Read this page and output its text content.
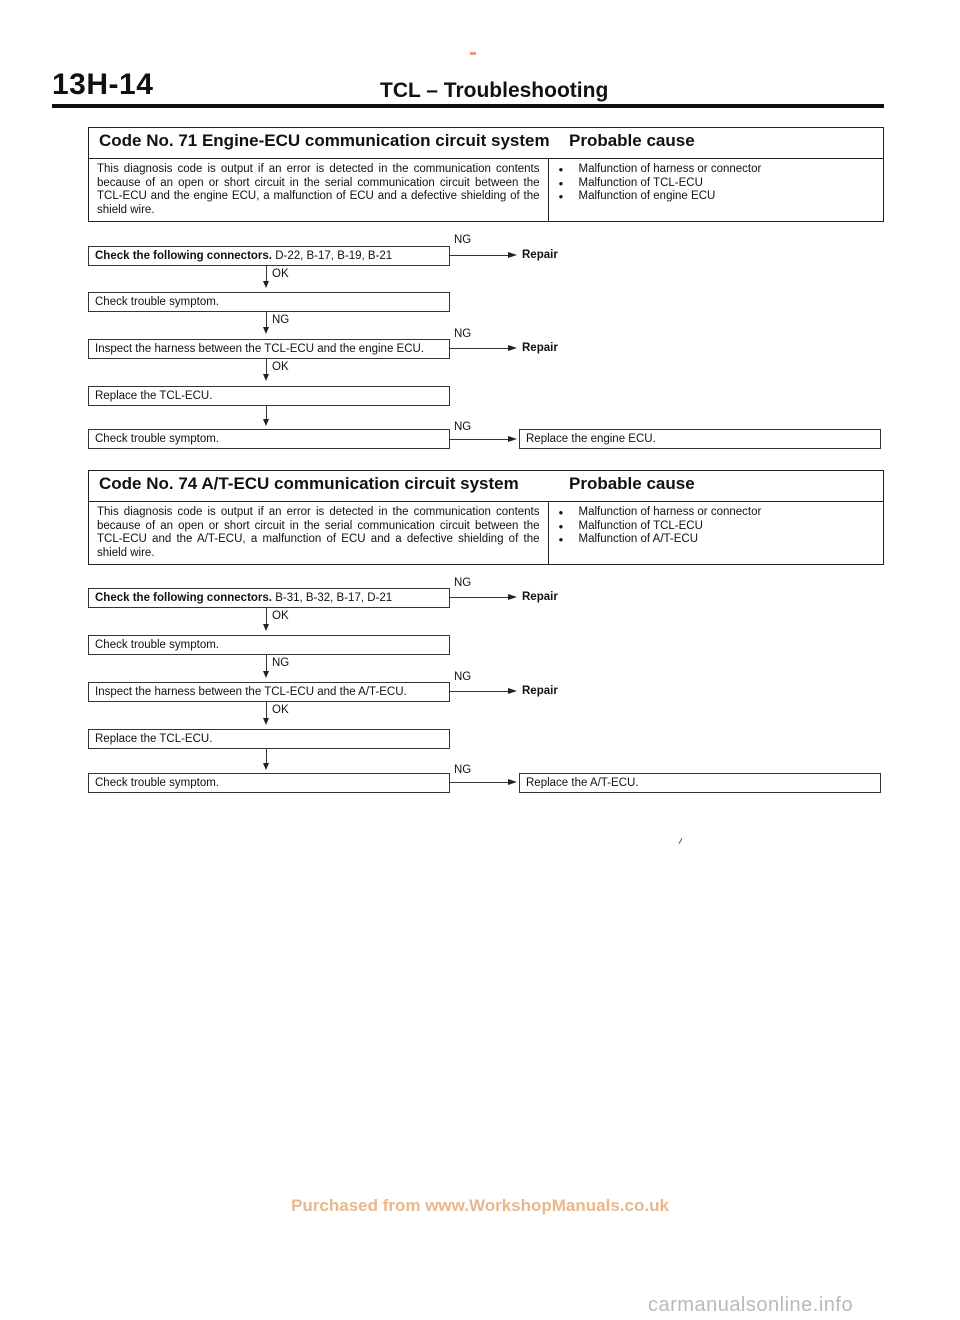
13H-14	TCL – Troubleshooting
Code No. 71 Engine-ECU communication circuit system	Probable cause
This diagnosis code is output if an error is detected in the communication contents because of an open or short circuit in the serial communication circuit between the TCL-ECU and the engine ECU, a malfunction of ECU and a defective shielding of the shield wire.
● Malfunction of harness or connector
● Malfunction of TCL-ECU
● Malfunction of engine ECU
Check the following connectors. D-22, B-17, B-19, B-21
NG
Repair
OK
Check trouble symptom.
NG
Inspect the harness between the TCL-ECU and the engine ECU.
NG
Repair
OK
Replace the TCL-ECU.
Check trouble symptom.
NG
Replace the engine ECU.
Code No. 74 A/T-ECU communication circuit system	Probable cause
This diagnosis code is output if an error is detected in the communication contents because of an open or short circuit in the serial communication circuit between the TCL-ECU and the A/T-ECU, a malfunction of ECU and a defective shielding of the shield wire.
● Malfunction of harness or connector
● Malfunction of TCL-ECU
● Malfunction of A/T-ECU
Check the following connectors. B-31, B-32, B-17, D-21
NG
Repair
OK
Check trouble symptom.
NG
Inspect the harness between the TCL-ECU and the A/T-ECU.
NG
Repair
OK
Replace the TCL-ECU.
Check trouble symptom.
NG
Replace the A/T-ECU.
Purchased from www.WorkshopManuals.co.uk
carmanualsonline.info
